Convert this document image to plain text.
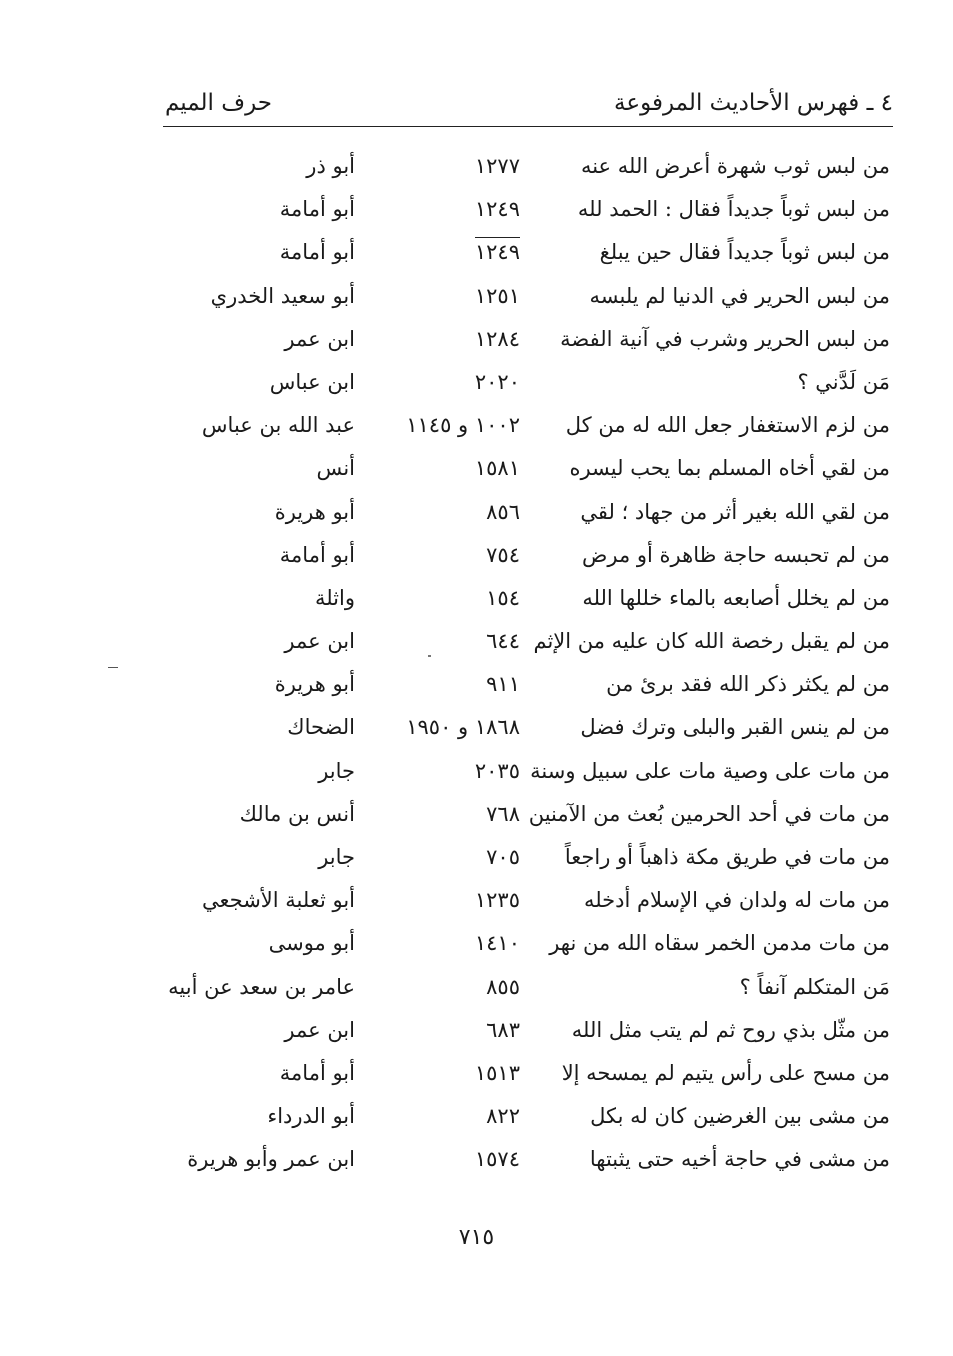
٤ ـ فهرس الأحاديث المرفوعة
حرف الميم
من لبس ثوب شهرة أعرض الله عنه
١٢٧٧
أبو ذر
من لبس ثوباً جديداً فقال : الحمد لله
١٢٤٩
أبو أمامة
من لبس ثوباً جديداً فقال حين يبلغ
١٢٤٩
أبو أمامة
من لبس الحرير في الدنيا لم يلبسه
١٢٥١
أبو سعيد الخدري
من لبس الحرير وشرب في آنية الفضة
١٢٨٤
ابن عمر
مَن لَدَّني ؟
٢٠٢٠
ابن عباس
من لزم الاستغفار جعل الله له من كل
١٠٠٢ و ١١٤٥
عبد الله بن عباس
من لقي أخاه المسلم بما يحب ليسره
١٥٨١
أنس
من لقي الله بغير أثر من جهاد ؛ لقي
٨٥٦
أبو هريرة
من لم تحبسه حاجة ظاهرة أو مرض
٧٥٤
أبو أمامة
من لم يخلل أصابعه بالماء خللها الله
١٥٤
واثلة
من لم يقبل رخصة الله كان عليه من الإثم
٦٤٤
ابن عمر
من لم يكثر ذكر الله فقد برئ من
٩١١
أبو هريرة
من لم ينس القبر والبلى وترك فضل
١٨٦٨ و ١٩٥٠
الضحاك
من مات على وصية مات على سبيل وسنة
٢٠٣٥
جابر
من مات في أحد الحرمين بُعث من الآمنين
٧٦٨
أنس بن مالك
من مات في طريق مكة ذاهباً أو راجعاً
٧٠٥
جابر
من مات له ولدان في الإسلام أدخله
١٢٣٥
أبو ثعلبة الأشجعي
من مات مدمن الخمر سقاه الله من نهر
١٤١٠
أبو موسى
مَن المتكلم آنفاً ؟
٨٥٥
عامر بن سعد عن أبيه
من مثّل بذي روح ثم لم يتب مثل الله
٦٨٣
ابن عمر
من مسح على رأس يتيم لم يمسحه إلا
١٥١٣
أبو أمامة
من مشى بين الغرضين كان له بكل
٨٢٢
أبو الدرداء
من مشى في حاجة أخيه حتى يثبتها
١٥٧٤
ابن عمر وأبو هريرة
٧١٥
